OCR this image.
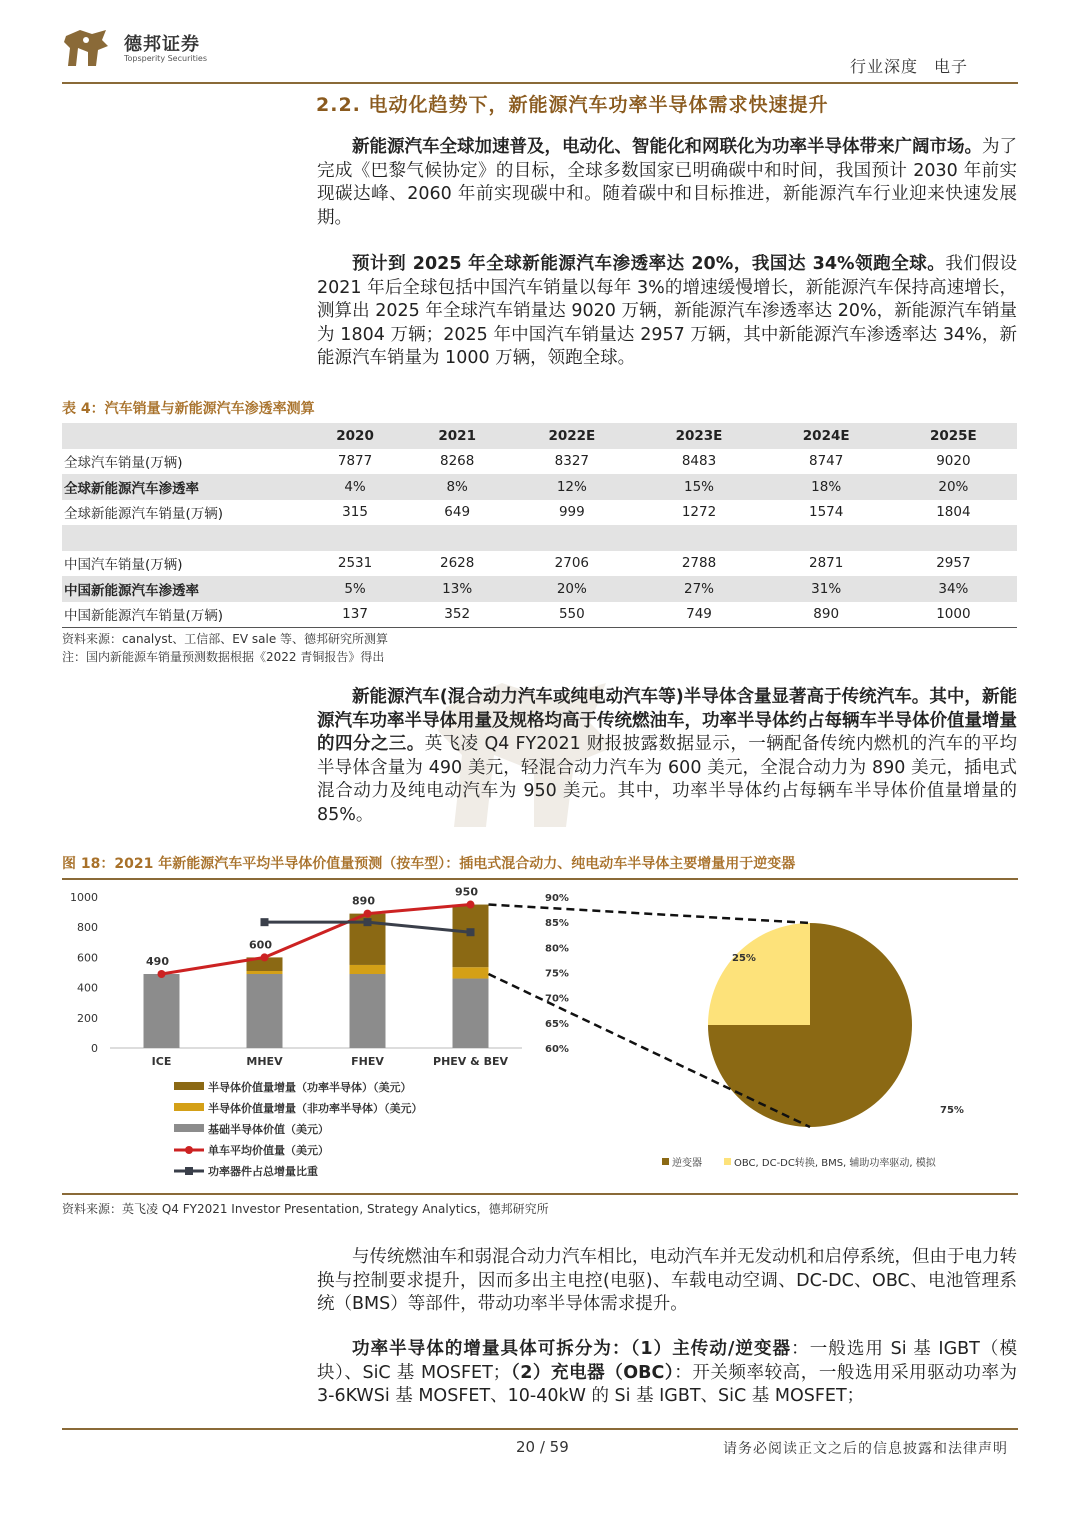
德邦证券
Topsperity Securities	行业深度 电子
2.2. 电动化趋势下，新能源汽车功率半导体需求快速提升
新能源汽车全球加速普及，电动化、智能化和网联化为功率半导体带来广阔市场。为了完成《巴黎气候协定》的目标，全球多数国家已明确碳中和时间，我国预计 2030 年前实现碳达峰、2060 年前实现碳中和。随着碳中和目标推进，新能源汽车行业迎来快速发展期。
预计到 2025 年全球新能源汽车渗透率达 20%，我国达 34%领跑全球。我们假设 2021 年后全球包括中国汽车销量以每年 3%的增速缓慢增长，新能源汽车保持高速增长，测算出 2025 年全球汽车销量达 9020 万辆，新能源汽车渗透率达 20%，新能源汽车销量为 1804 万辆；2025 年中国汽车销量达 2957 万辆，其中新能源汽车渗透率达 34%，新能源汽车销量为 1000 万辆，领跑全球。
表 4：汽车销量与新能源汽车渗透率测算
	2020	2021	2022E	2023E	2024E	2025E
全球汽车销量(万辆)	7877	8268	8327	8483	8747	9020
全球新能源汽车渗透率	4%	8%	12%	15%	18%	20%
全球新能源汽车销量(万辆)	315	649	999	1272	1574	1804

中国汽车销量(万辆)	2531	2628	2706	2788	2871	2957
中国新能源汽车渗透率	5%	13%	20%	27%	31%	34%
中国新能源汽车销量(万辆)	137	352	550	749	890	1000
资料来源：canalyst、工信部、EV sale 等、德邦研究所测算
注：国内新能源车销量预测数据根据《2022 青铜报告》得出
新能源汽车(混合动力汽车或纯电动汽车等)半导体含量显著高于传统汽车。其中，新能源汽车功率半导体用量及规格均高于传统燃油车，功率半导体约占每辆车半导体价值量增量的四分之三。英飞凌 Q4 FY2021 财报披露数据显示，一辆配备传统内燃机的汽车的平均半导体含量为 490 美元，轻混合动力汽车为 600 美元，全混合动力为 890 美元，插电式混合动力及纯电动汽车为 950 美元。其中，功率半导体约占每辆车半导体价值量增量的 85%。
图 18：2021 年新能源汽车平均半导体价值量预测（按车型）：插电式混合动力、纯电动车半导体主要增量用于逆变器
0
200
400
600
800
1000	90%
85%
80%
75%
70%
65%
60%
ICE	MHEV	FHEV	PHEV & BEV
490
600
890
950
半导体价值量增量（功率半导体）（美元）
半导体价值量增量（非功率半导体）（美元）
基础半导体价值（美元）
单车平均价值量（美元）
功率器件占总增量比重
75%
25%
逆变器	OBC, DC-DC转换, BMS, 辅助功率驱动, 模拟
资料来源：英飞凌 Q4 FY2021 Investor Presentation, Strategy Analytics，德邦研究所
与传统燃油车和弱混合动力汽车相比，电动汽车并无发动机和启停系统，但由于电力转换与控制要求提升，因而多出主电控(电驱)、车载电动空调、DC-DC、OBC、电池管理系统（BMS）等部件，带动功率半导体需求提升。
功率半导体的增量具体可拆分为：（1）主传动/逆变器：一般选用 Si 基 IGBT（模块）、SiC 基 MOSFET；（2）充电器（OBC）：开关频率较高，一般选用采用驱动功率为 3-6KWSi 基 MOSFET、10-40kW 的 Si 基 IGBT、SiC 基 MOSFET；
20 / 59	请务必阅读正文之后的信息披露和法律声明
